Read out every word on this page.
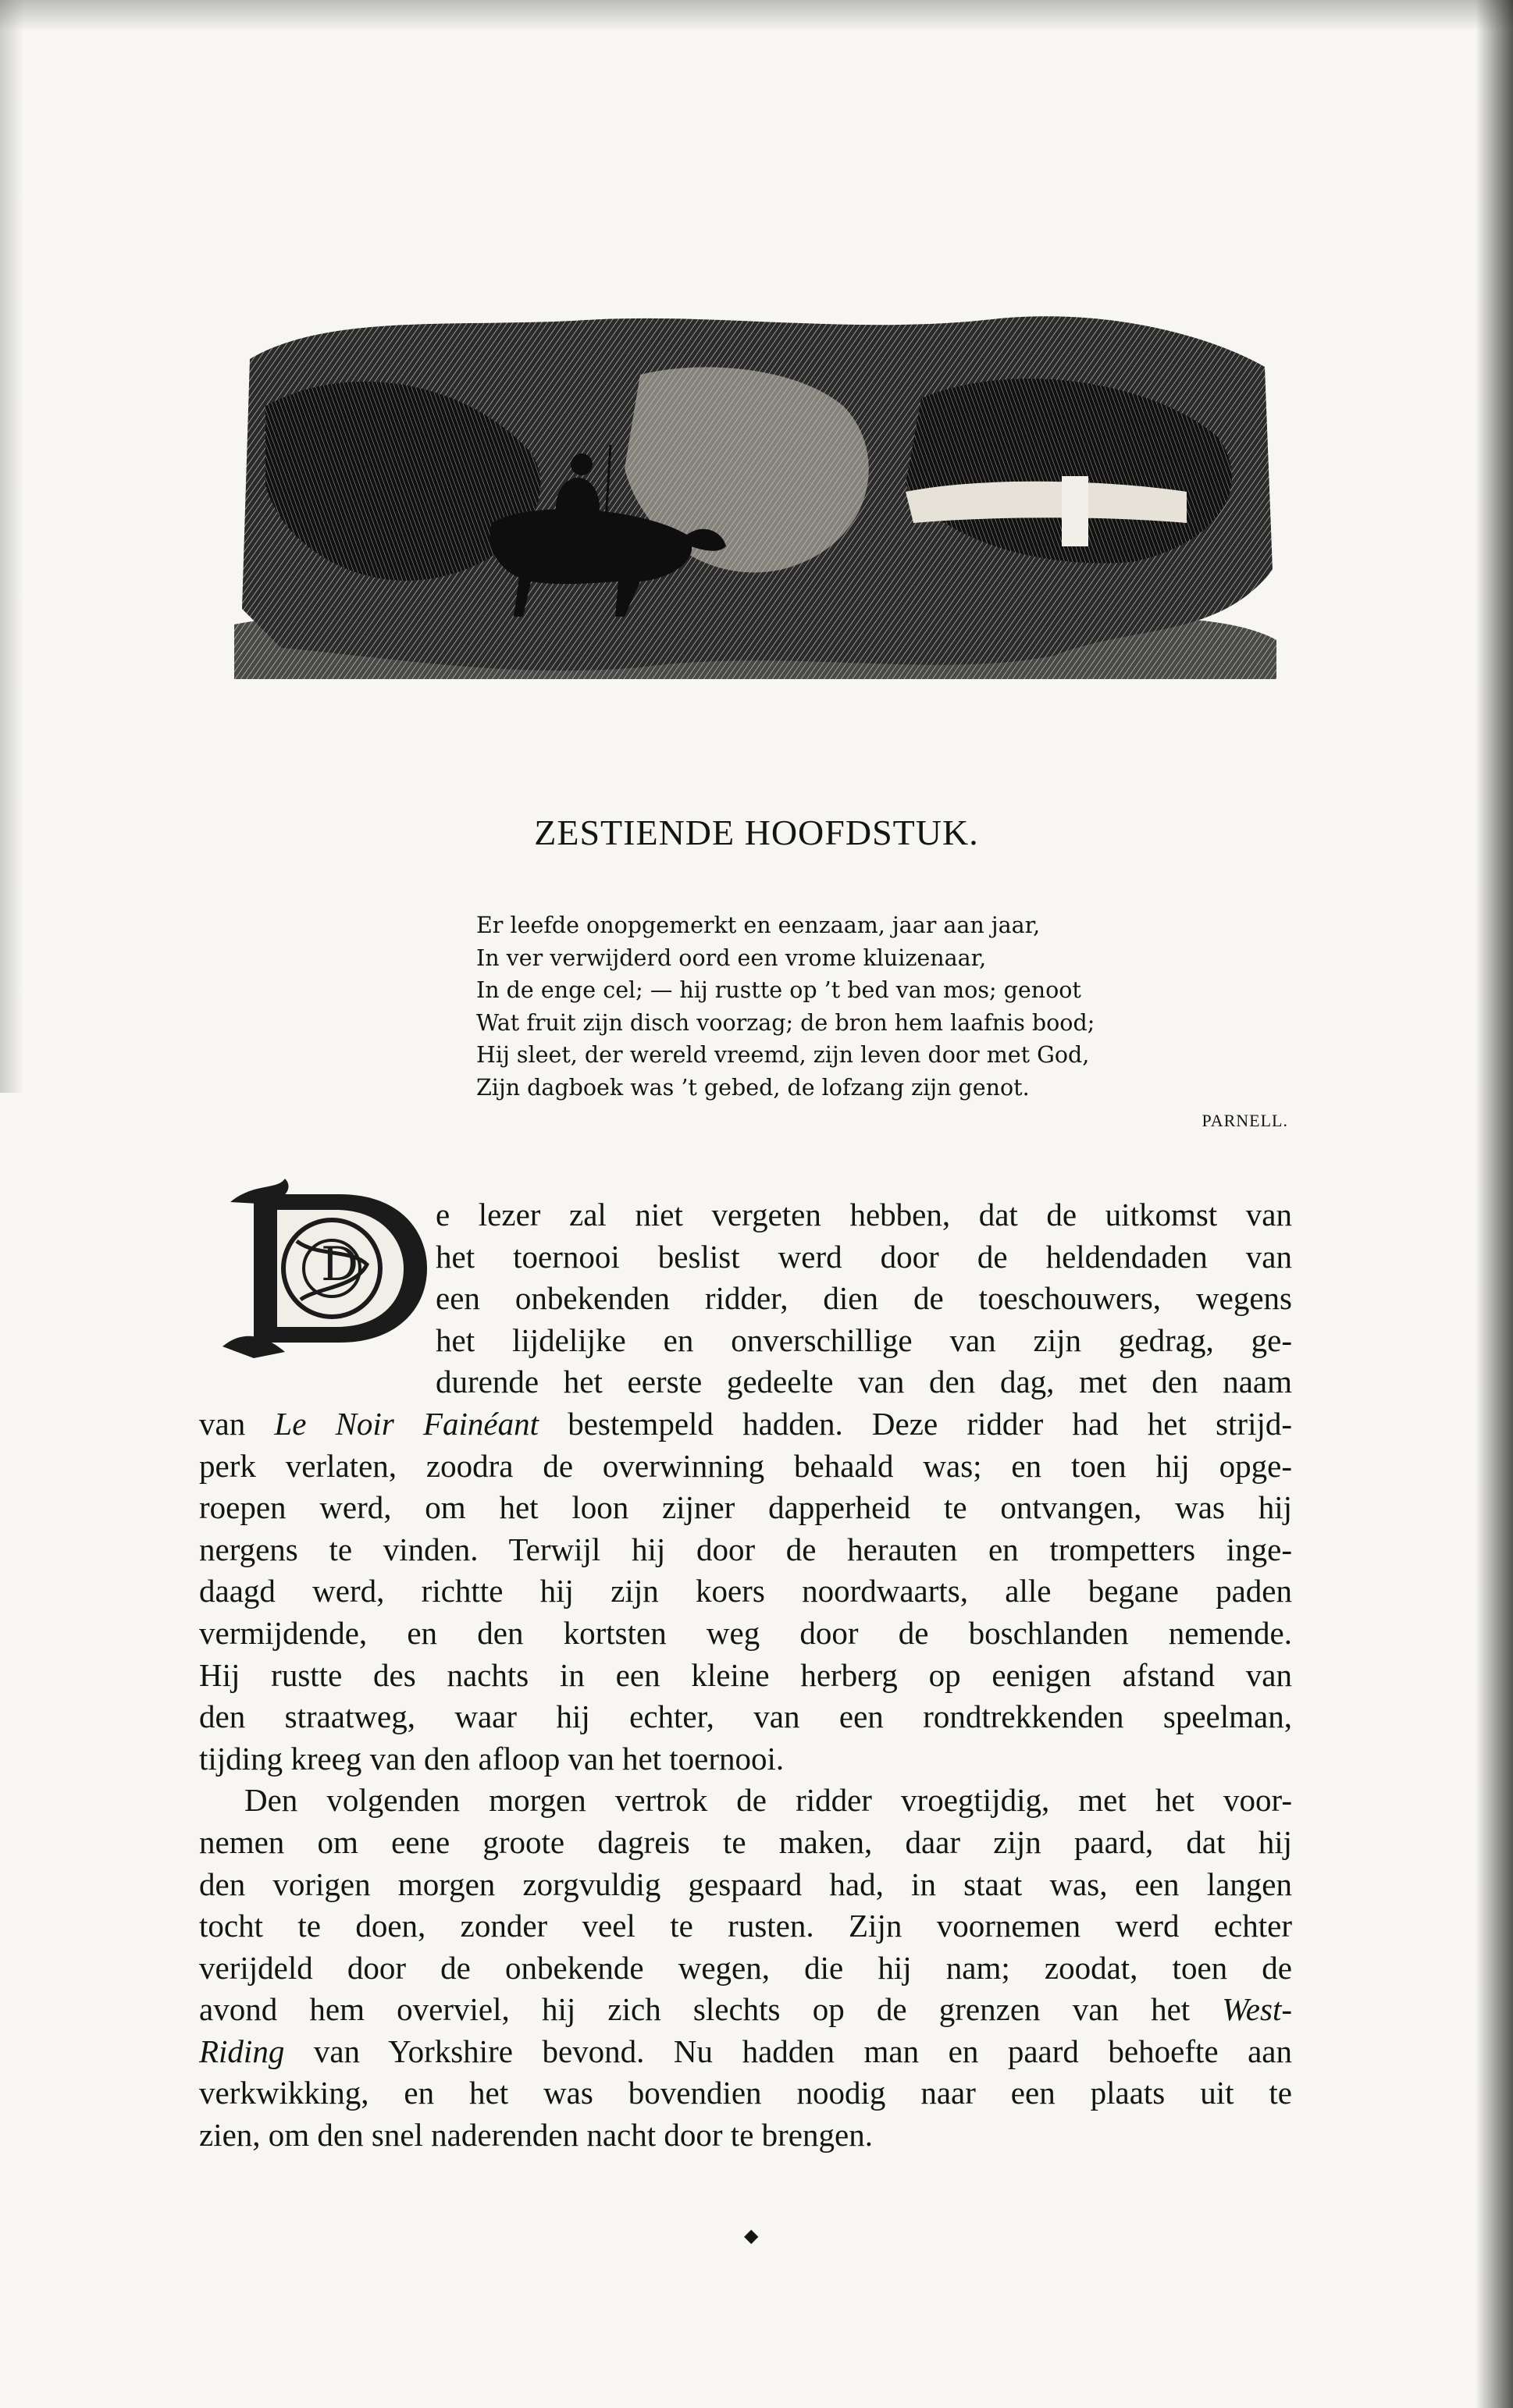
ZESTIENDE HOOFDSTUK.
Er leefde onopgemerkt en eenzaam, jaar aan jaar,
In ver verwijderd oord een vrome kluizenaar,
In de enge cel; — hij rustte op ’t bed van mos; genoot
Wat fruit zijn disch voorzag; de bron hem laafnis bood;
Hij sleet, der wereld vreemd, zijn leven door met God,
Zijn dagboek was ’t gebed, de lofzang zijn genot.
PARNELL.
D

e lezer zal niet vergeten hebben, dat de uitkomst van
het toernooi beslist werd door de heldendaden van
een onbekenden ridder, dien de toeschouwers, wegens
het lijdelijke en onverschillige van zijn gedrag, ge-
durende het eerste gedeelte van den dag, met den naam
van Le Noir Fainéant bestempeld hadden. Deze ridder had het strijd-
perk verlaten, zoodra de overwinning behaald was; en toen hij opge-
roepen werd, om het loon zijner dapperheid te ontvangen, was hij
nergens te vinden. Terwijl hij door de herauten en trompetters inge-
daagd werd, richtte hij zijn koers noordwaarts, alle begane paden
vermijdende, en den kortsten weg door de boschlanden nemende.
Hij rustte des nachts in een kleine herberg op eenigen afstand van
den straatweg, waar hij echter, van een rondtrekkenden speelman,
tijding kreeg van den afloop van het toernooi.

Den volgenden morgen vertrok de ridder vroegtijdig, met het voor-
nemen om eene groote dagreis te maken, daar zijn paard, dat hij
den vorigen morgen zorgvuldig gespaard had, in staat was, een langen
tocht te doen, zonder veel te rusten. Zijn voornemen werd echter
verijdeld door de onbekende wegen, die hij nam; zoodat, toen de
avond hem overviel, hij zich slechts op de grenzen van het West-
Riding van Yorkshire bevond. Nu hadden man en paard behoefte aan
verkwikking, en het was bovendien noodig naar een plaats uit te
zien, om den snel naderenden nacht door te brengen.

◆
